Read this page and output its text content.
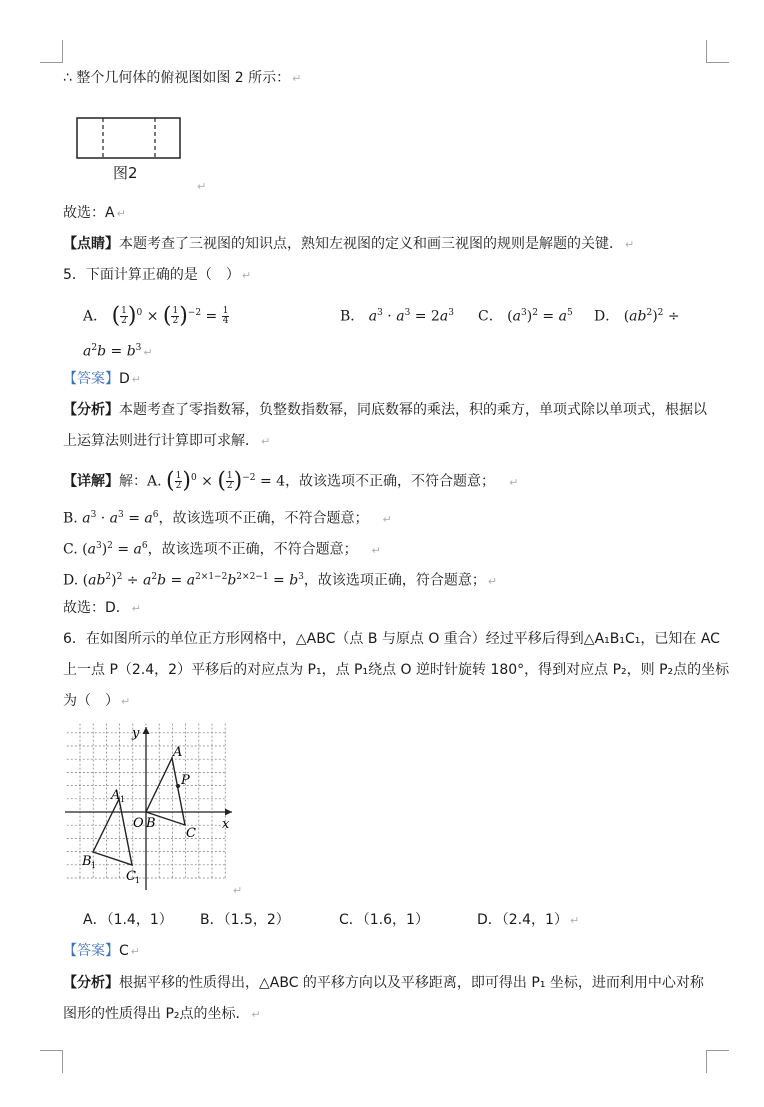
∴ 整个几何体的俯视图如图 2 所示： ↵
图2
↵
故选：A ↵
【点睛】本题考查了三视图的知识点，熟知左视图的定义和画三视图的规则是解题的关键． ↵
5．下面计算正确的是（　） ↵
A． ( $\frac{1}{2} )^0$ × ( $\frac{1}{2} )^{-2} = \frac{1}{4}$	B． $a^3 \cdot a^3 = 2a^3$ C． $(a^3)^2 = a^5$ D． $(ab^2)^2$ ÷
$a^2b = b^3$ ↵
【答案】D ↵
【分析】本题考查了零指数幂，负整数指数幂，同底数幂的乘法，积的乘方，单项式除以单项式，根据以
上运算法则进行计算即可求解． ↵
【详解】解：A. ( $\frac{1}{2} )^0$ × ( $\frac{1}{2} )^{-2} = 4$，故该选项不正确，不符合题意； ↵
B. $a^3 \cdot a^3 = a^6$，故该选项不正确，不符合题意； ↵
C. $(a^3)^2 = a^6$，故该选项不正确，不符合题意； ↵
D. $(ab^2)^2 \div a^2b = a^{2\times 1-2}b^{2\times 2-1} = b^3$，故该选项正确，符合题意； ↵
故选：D． ↵
6．在如图所示的单位正方形网格中，△ABC（点 B 与原点 O 重合）经过平移后得到△A₁B₁C₁，已知在 AC
上一点 P（2.4，2）平移后的对应点为 P₁，点 P₁绕点 O 逆时针旋转 180°，得到对应点 P₂，则 P₂点的坐标
为（　） ↵
y
x
A
P
A 1
O B
C
B 1
C 1
↵
A．（1.4，1） B．（1.5，2）	C．（1.6，1）	D．（2.4，1） ↵
【答案】C ↵
【分析】根据平移的性质得出，△ABC 的平移方向以及平移距离，即可得出 P₁ 坐标，进而利用中心对称
图形的性质得出 P₂点的坐标． ↵
